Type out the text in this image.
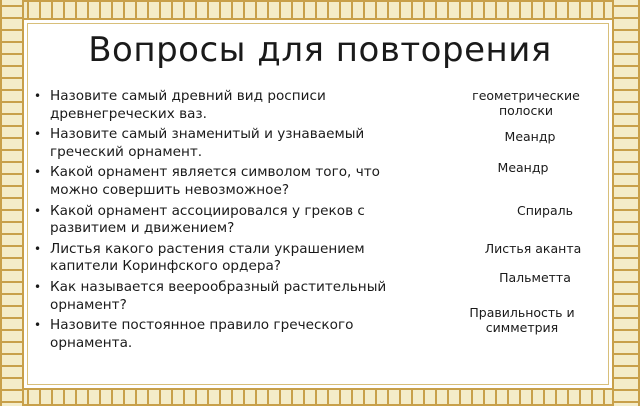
Вопросы для повторения
• Назовите самый древний вид росписи древнегреческих ваз.
• Назовите самый знаменитый и узнаваемый греческий орнамент.
• Какой орнамент является символом того, что можно совершить невозможное?
• Какой орнамент ассоциировался у греков с развитием и движением?
• Листья какого растения стали украшением капители Коринфского ордера?
• Как называется веерообразный растительный орнамент?
• Назовите постоянное правило греческого орнамента.

геометрические полоски

Меандр

Меандр

Спираль

Листья аканта

Пальметта

Правильность и симметрия
